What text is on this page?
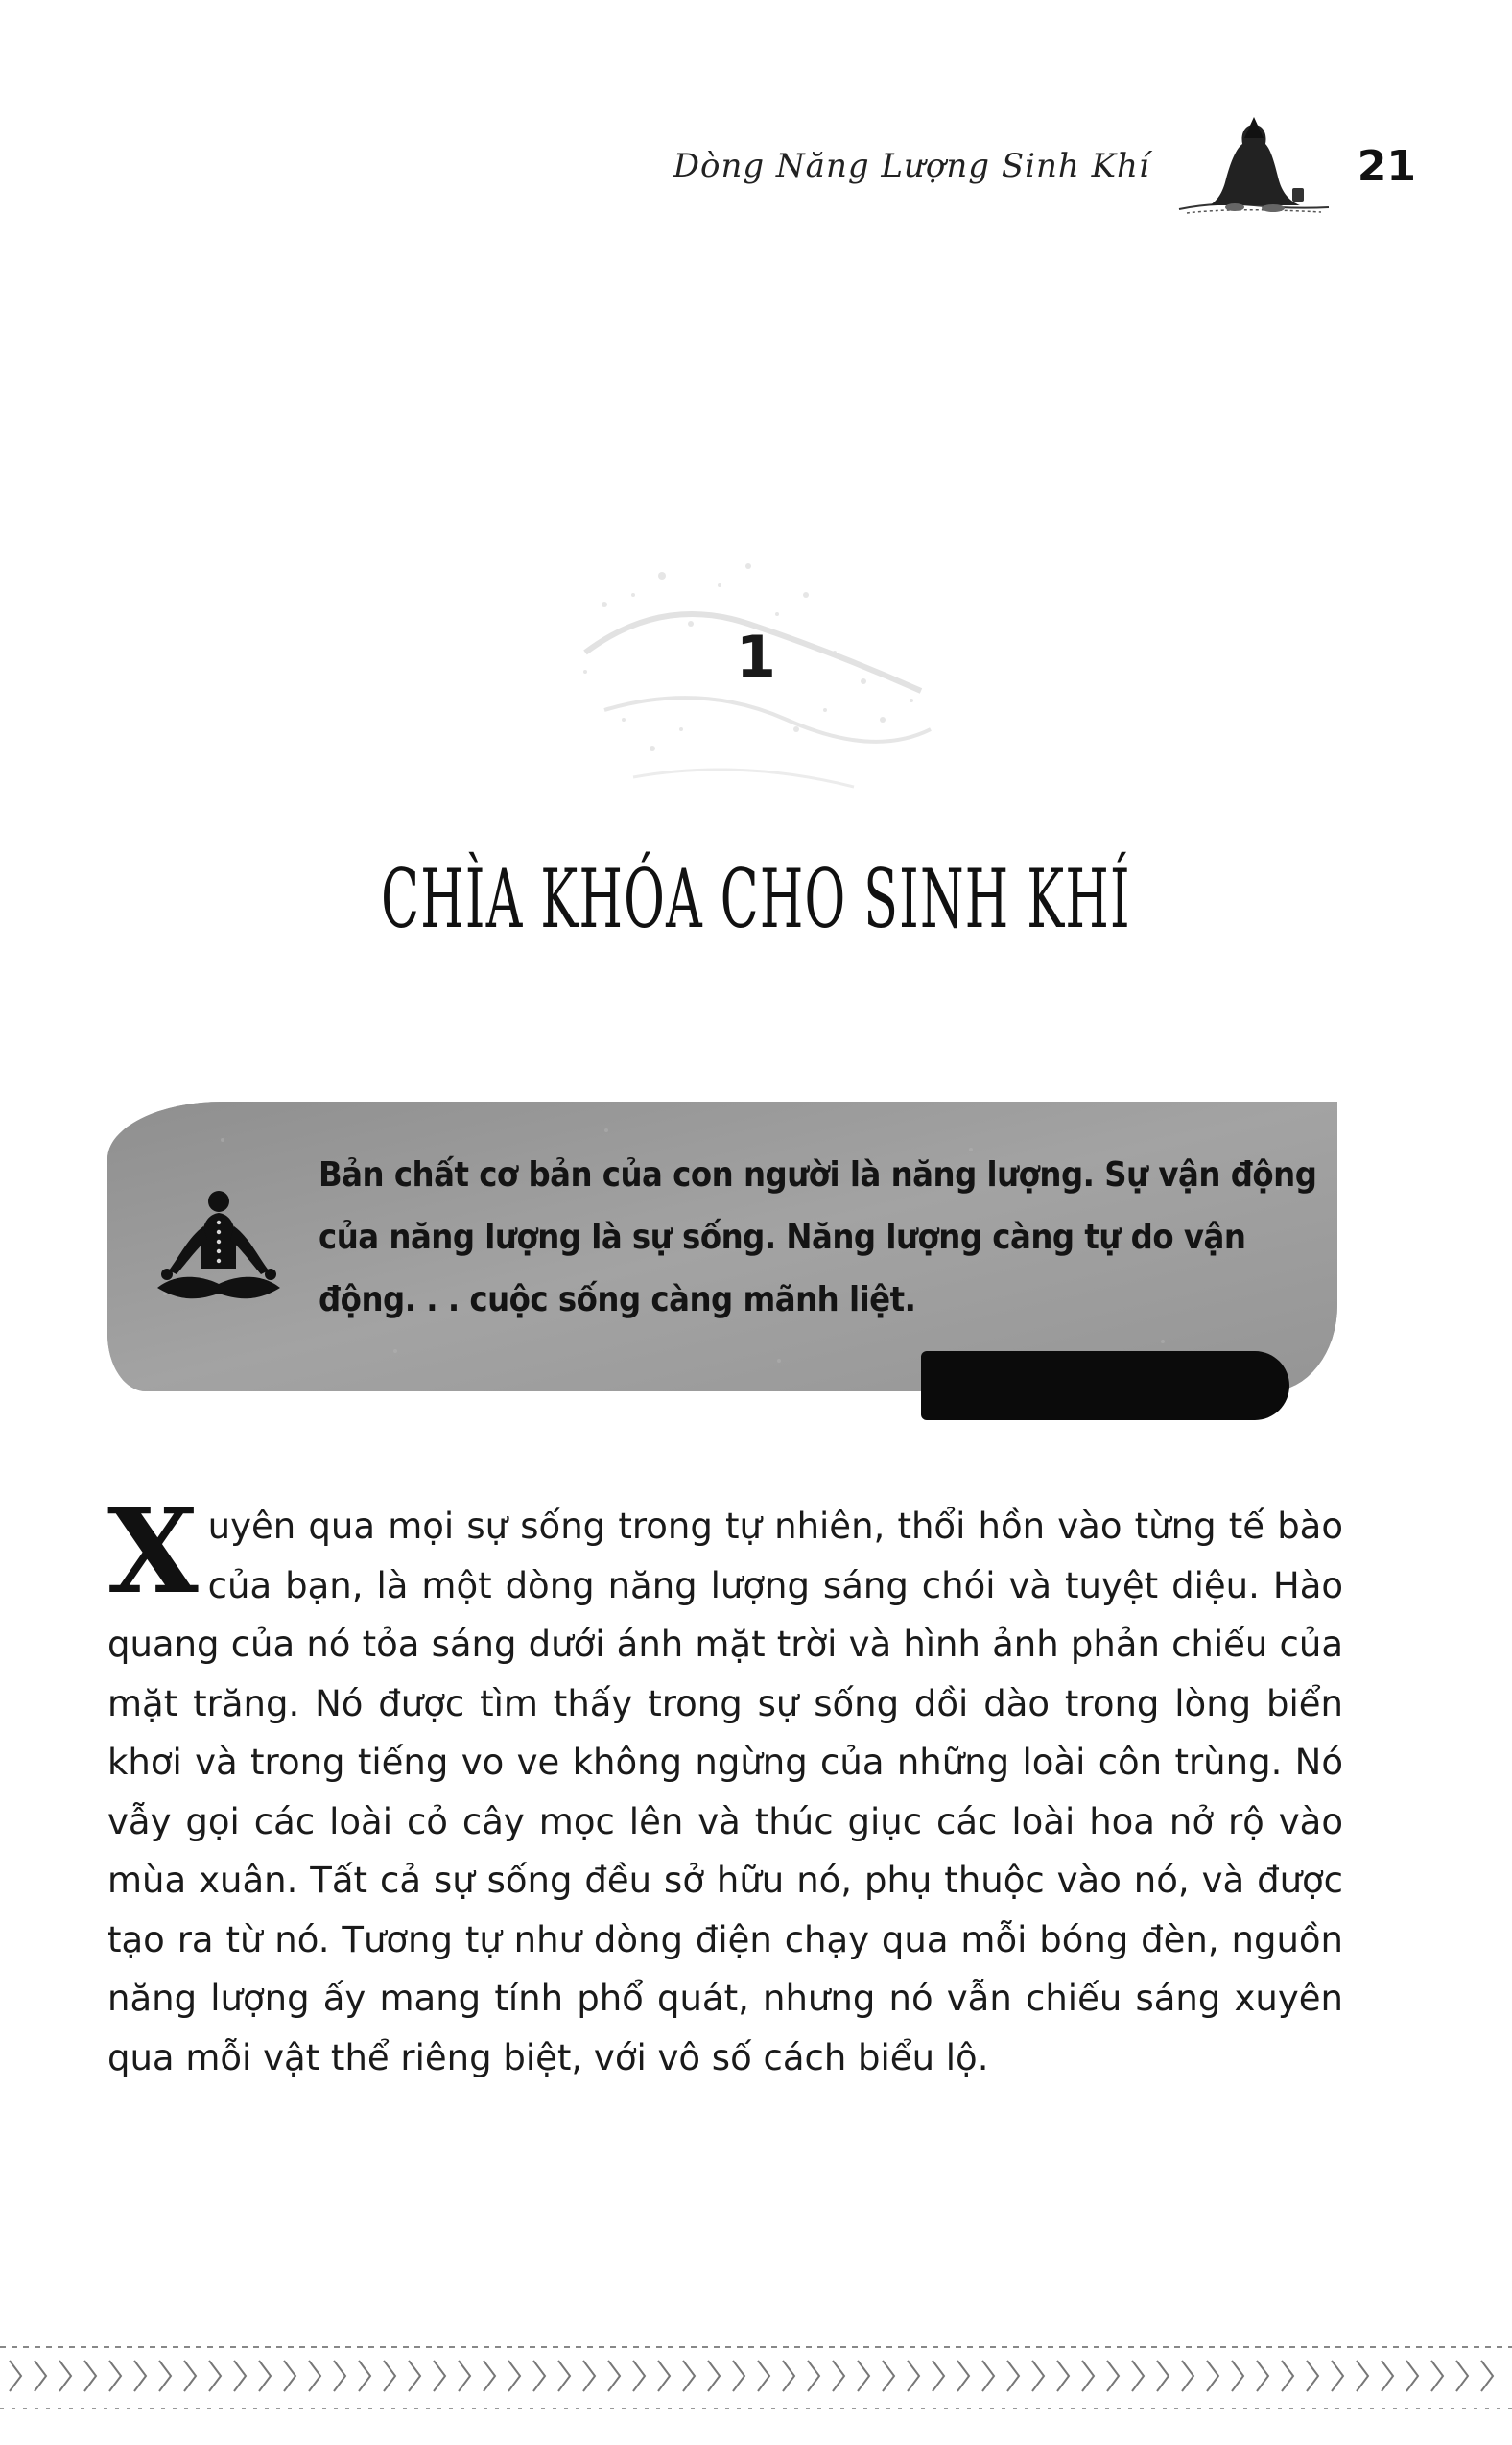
Dòng Năng Lượng Sinh Khí	21
1
CHÌA KHÓA CHO SINH KHÍ
Bản chất cơ bản của con người là năng lượng. Sự vận động của năng lượng là sự sống. Năng lượng càng tự do vận động. . . cuộc sống càng mãnh liệt.

Xuyên qua mọi sự sống trong tự nhiên, thổi hồn vào từng tế bào của bạn, là một dòng năng lượng sáng chói và tuyệt diệu. Hào quang của nó tỏa sáng dưới ánh mặt trời và hình ảnh phản chiếu của mặt trăng. Nó được tìm thấy trong sự sống dồi dào trong lòng biển khơi và trong tiếng vo ve không ngừng của những loài côn trùng. Nó vẫy gọi các loài cỏ cây mọc lên và thúc giục các loài hoa nở rộ vào mùa xuân. Tất cả sự sống đều sở hữu nó, phụ thuộc vào nó, và được tạo ra từ nó. Tương tự như dòng điện chạy qua mỗi bóng đèn, nguồn năng lượng ấy mang tính phổ quát, nhưng nó vẫn chiếu sáng xuyên qua mỗi vật thể riêng biệt, với vô số cách biểu lộ.
